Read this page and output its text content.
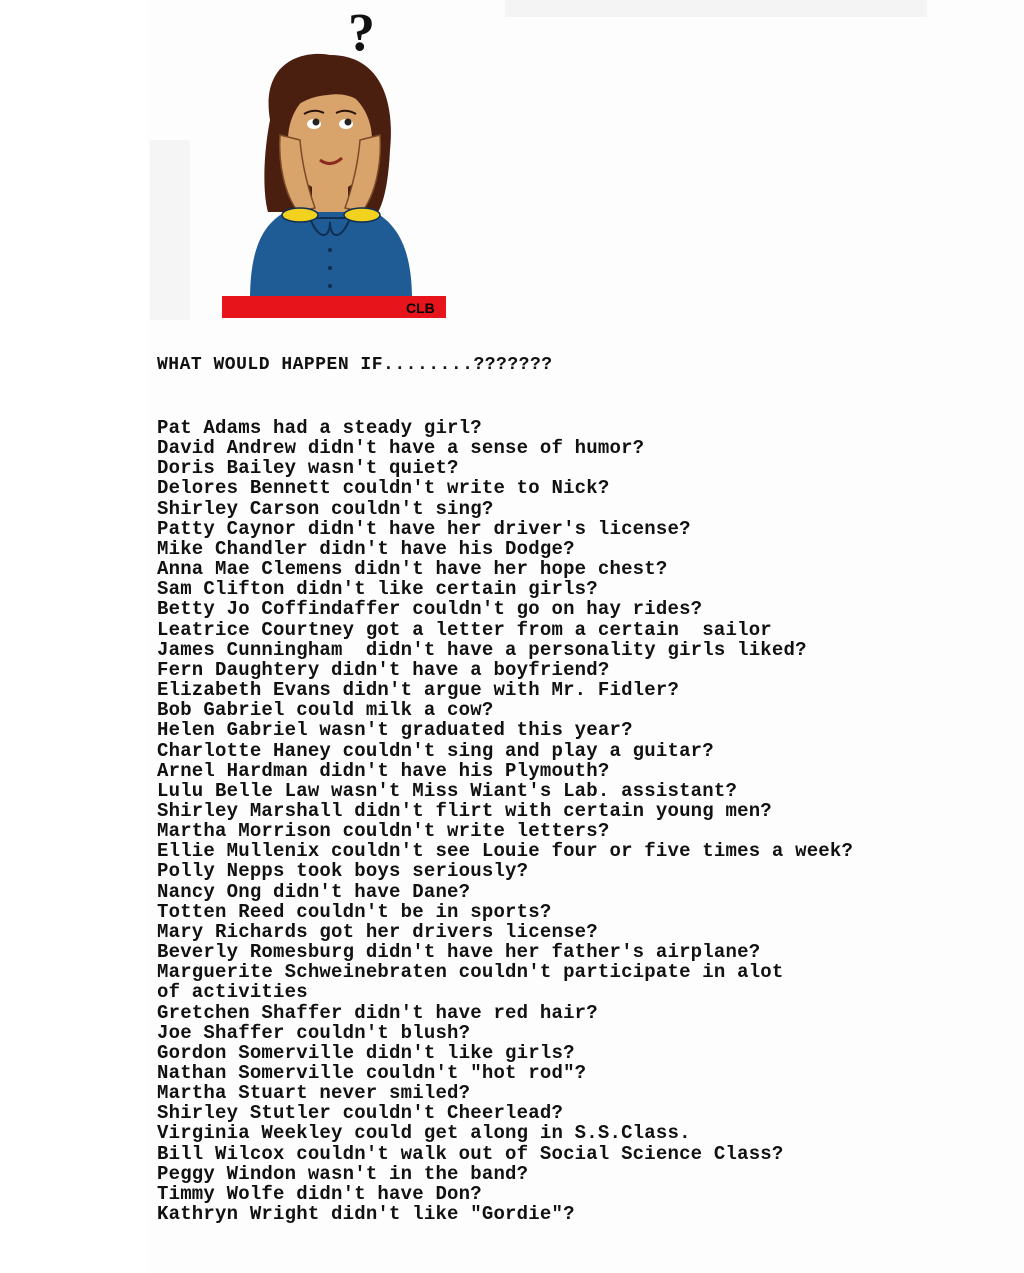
?
CLB
WHAT WOULD HAPPEN IF........???????
Pat Adams had a steady girl?
David Andrew didn't have a sense of humor?
Doris Bailey wasn't quiet?
Delores Bennett couldn't write to Nick?
Shirley Carson couldn't sing?
Patty Caynor didn't have her driver's license?
Mike Chandler didn't have his Dodge?
Anna Mae Clemens didn't have her hope chest?
Sam Clifton didn't like certain girls?
Betty Jo Coffindaffer couldn't go on hay rides?
Leatrice Courtney got a letter from a certain  sailor
James Cunningham  didn't have a personality girls liked?
Fern Daughtery didn't have a boyfriend?
Elizabeth Evans didn't argue with Mr. Fidler?
Bob Gabriel could milk a cow?
Helen Gabriel wasn't graduated this year?
Charlotte Haney couldn't sing and play a guitar?
Arnel Hardman didn't have his Plymouth?
Lulu Belle Law wasn't Miss Wiant's Lab. assistant?
Shirley Marshall didn't flirt with certain young men?
Martha Morrison couldn't write letters?
Ellie Mullenix couldn't see Louie four or five times a week?
Polly Nepps took boys seriously?
Nancy Ong didn't have Dane?
Totten Reed couldn't be in sports?
Mary Richards got her drivers license?
Beverly Romesburg didn't have her father's airplane?
Marguerite Schweinebraten couldn't participate in alot
of activities
Gretchen Shaffer didn't have red hair?
Joe Shaffer couldn't blush?
Gordon Somerville didn't like girls?
Nathan Somerville couldn't "hot rod"?
Martha Stuart never smiled?
Shirley Stutler couldn't Cheerlead?
Virginia Weekley could get along in S.S.Class.
Bill Wilcox couldn't walk out of Social Science Class?
Peggy Windon wasn't in the band?
Timmy Wolfe didn't have Don?
Kathryn Wright didn't like "Gordie"?
